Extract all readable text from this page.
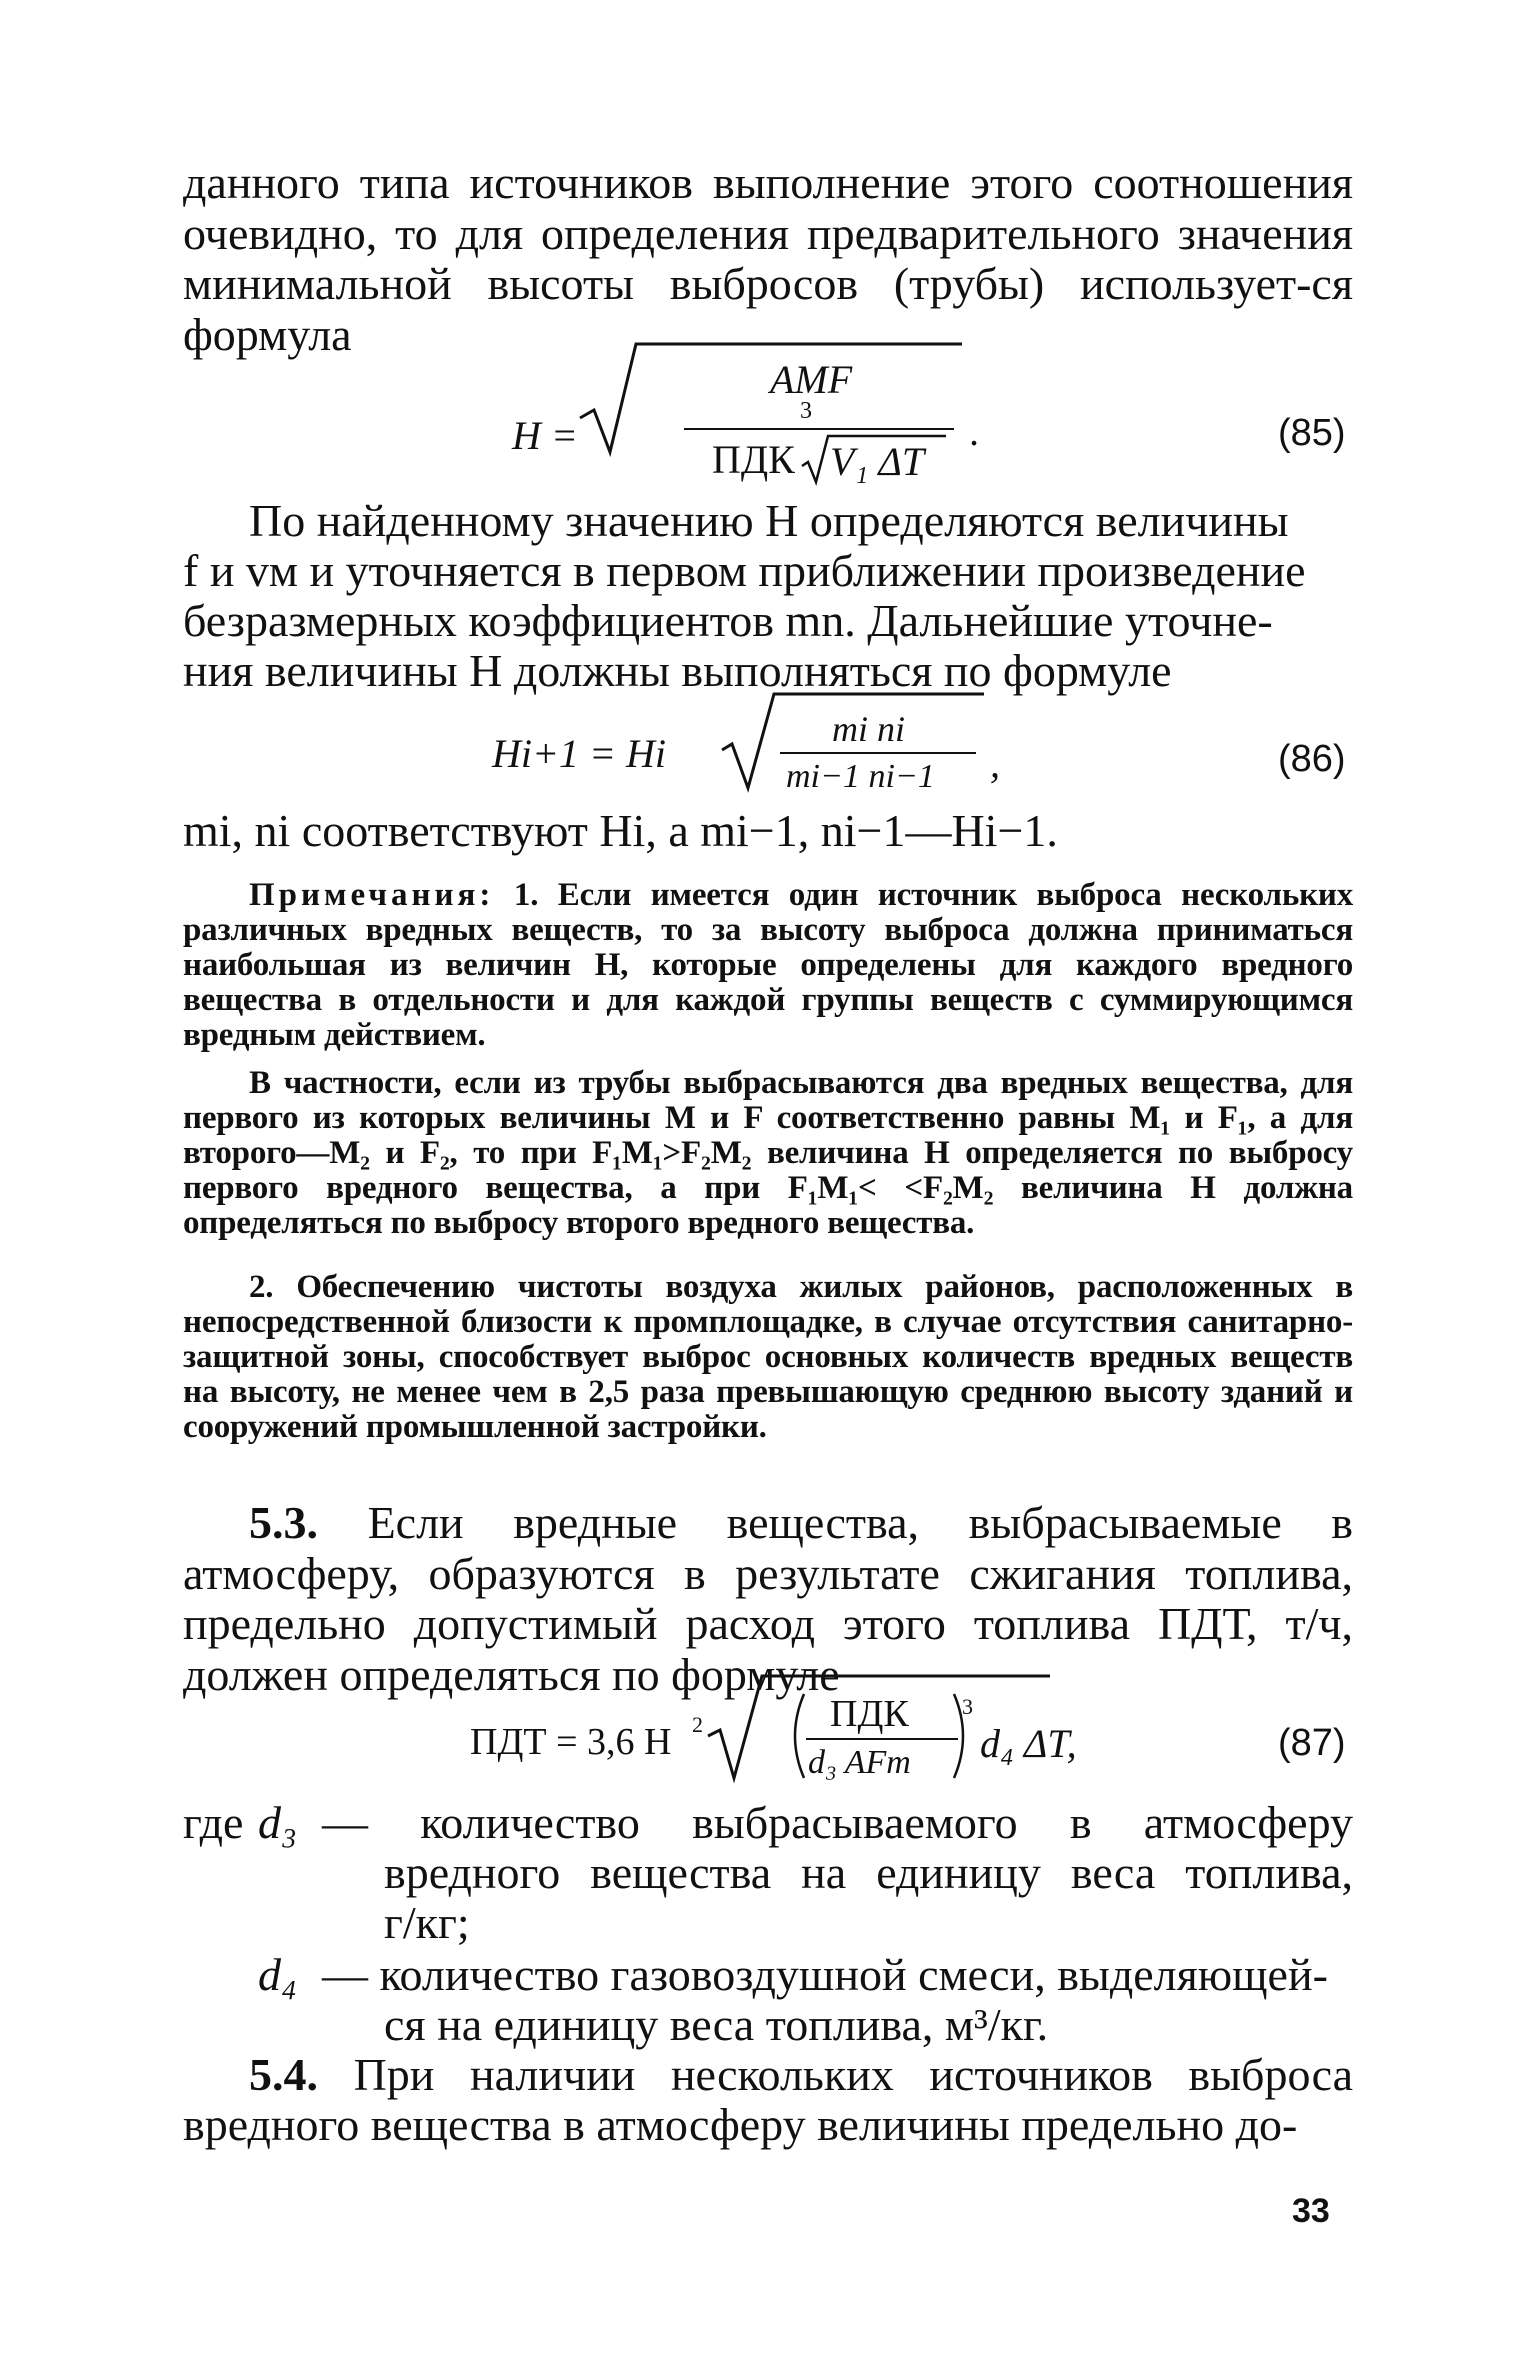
данного типа источников выполнение этого соотношения очевидно, то для определения предварительного значения минимальной высоты выбросов (трубы) использует-ся формула
H =
AMF
3
ПДК V₁ ΔT
.	(85)
По найденному значению H определяются величины
f и vм и уточняется в первом приближении произведение
безразмерных коэффициентов mn. Дальнейшие уточне-
ния величины H должны выполняться по формуле
Hi+1 = Hi
mi ni
mi−1 ni−1 ,	(86)
mi, ni соответствуют Hi, а mi−1, ni−1—Hi−1.
Примечания: 1. Если имеется один источник выброса нескольких различных вредных веществ, то за высоту выброса должна приниматься наибольшая из величин H, которые определены для каждого вредного вещества в отдельности и для каждой группы веществ с суммирующимся вредным действием.
В частности, если из трубы выбрасываются два вредных вещества, для первого из которых величины M и F соответственно равны M₁ и F₁, а для второго—M₂ и F₂, то при F₁M₁>F₂M₂ величина H определяется по выбросу первого вредного вещества, а при F₁M₁< <F₂M₂ величина H должна определяться по выбросу второго вредного вещества.
2. Обеспечению чистоты воздуха жилых районов, расположенных в непосредственной близости к промплощадке, в случае отсутствия санитарно-защитной зоны, способствует выброс основных количеств вредных веществ на высоту, не менее чем в 2,5 раза превышающую среднюю высоту зданий и сооружений промышленной застройки.
5.3. Если вредные вещества, выбрасываемые в атмосферу, образуются в результате сжигания топлива, предельно допустимый расход этого топлива ПДТ, т/ч, должен определяться по формуле
ПДТ = 3,6 H 2	ПДК
d₃ AFm
3
d₄ ΔT,	(87)
где d₃ — количество выбрасываемого в атмосферу
вредного вещества на единицу веса топлива,
г/кг;
d₄ — количество газовоздушной смеси, выделяющей-
ся на единицу веса топлива, м³/кг.
5.4. При наличии нескольких источников выброса
вредного вещества в атмосферу величины предельно до-
33
